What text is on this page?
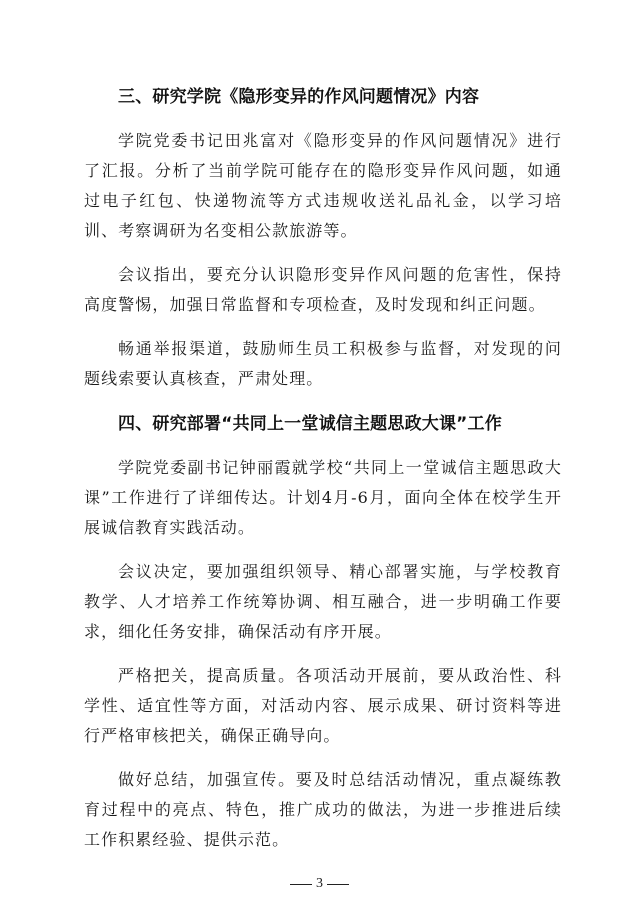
三、研究学院《隐形变异的作风问题情况》内容

学院党委书记田兆富对《隐形变异的作风问题情况》进行了汇报。分析了当前学院可能存在的隐形变异作风问题，如通过电子红包、快递物流等方式违规收送礼品礼金，以学习培训、考察调研为名变相公款旅游等。

会议指出，要充分认识隐形变异作风问题的危害性，保持高度警惕，加强日常监督和专项检查，及时发现和纠正问题。

畅通举报渠道，鼓励师生员工积极参与监督，对发现的问题线索要认真核查，严肃处理。

四、研究部署“共同上一堂诚信主题思政大课”工作

学院党委副书记钟丽霞就学校“共同上一堂诚信主题思政大课”工作进行了详细传达。计划4月-6月，面向全体在校学生开展诚信教育实践活动。

会议决定，要加强组织领导、精心部署实施，与学校教育教学、人才培养工作统筹协调、相互融合，进一步明确工作要求，细化任务安排，确保活动有序开展。

严格把关，提高质量。各项活动开展前，要从政治性、科学性、适宜性等方面，对活动内容、展示成果、研讨资料等进行严格审核把关，确保正确导向。

做好总结，加强宣传。要及时总结活动情况，重点凝练教育过程中的亮点、特色，推广成功的做法，为进一步推进后续工作积累经验、提供示范。

3
